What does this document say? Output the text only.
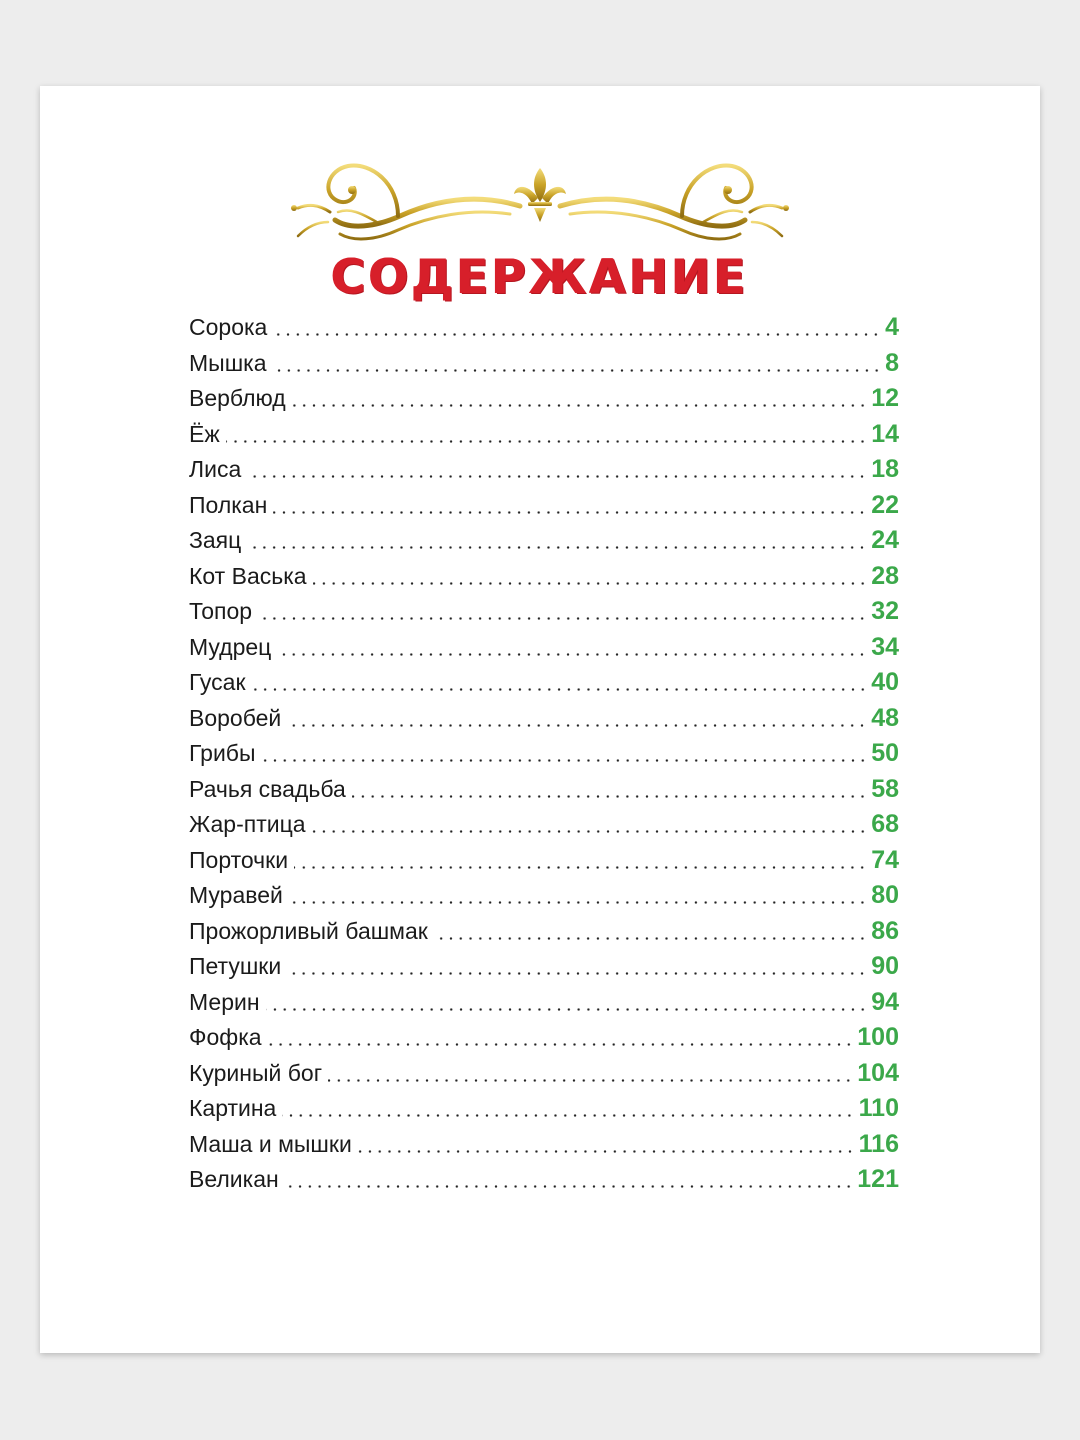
СОДЕРЖАНИЕ
Сорока	4
Мышка	8
Верблюд	12
Ёж	14
Лиса	18
Полкан	22
Заяц	24
Кот Васька	28
Топор	32
Мудрец	34
Гусак	40
Воробей	48
Грибы	50
Рачья свадьба	58
Жар-птица	68
Порточки	74
Муравей	80
Прожорливый башмак	86
Петушки	90
Мерин	94
Фофка	100
Куриный бог	104
Картина	110
Маша и мышки	116
Великан	121
